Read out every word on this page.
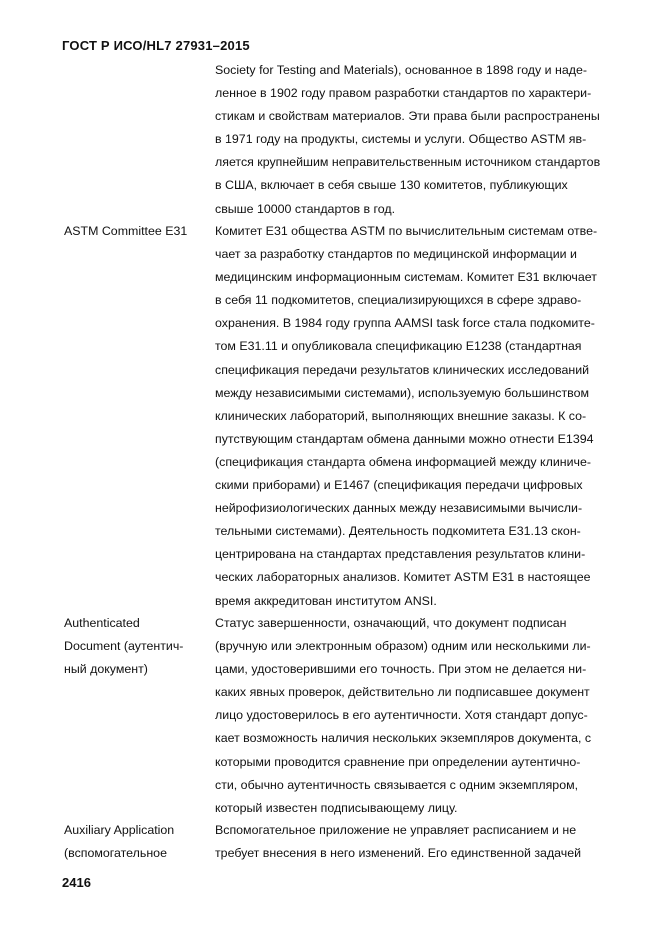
ГОСТ Р ИСО/HL7 27931–2015
Society for Testing and Materials), основанное в 1898 году и наде-
ленное в 1902 году правом разработки стандартов по характери-
стикам и свойствам материалов. Эти права были распространены
в 1971 году на продукты, системы и услуги. Общество ASTM яв-
ляется крупнейшим неправительственным источником стандартов
в США, включает в себя свыше 130 комитетов, публикующих
свыше 10000 стандартов в год.
ASTM Committee E31	Комитет E31 общества ASTM по вычислительным системам отве-
чает за разработку стандартов по медицинской информации и
медицинским информационным системам. Комитет E31 включает
в себя 11 подкомитетов, специализирующихся в сфере здраво-
охранения. В 1984 году группа AAMSI task force стала подкомите-
том E31.11 и опубликовала спецификацию E1238 (стандартная
спецификация передачи результатов клинических исследований
между независимыми системами), используемую большинством
клинических лабораторий, выполняющих внешние заказы. К со-
путствующим стандартам обмена данными можно отнести E1394
(спецификация стандарта обмена информацией между клиниче-
скими приборами) и E1467 (спецификация передачи цифровых
нейрофизиологических данных между независимыми вычисли-
тельными системами). Деятельность подкомитета E31.13 скон-
центрирована на стандартах представления результатов клини-
ческих лабораторных анализов. Комитет ASTM E31 в настоящее
время аккредитован институтом ANSI.
Authenticated
Document (аутентич-
ный документ)
Статус завершенности, означающий, что документ подписан
(вручную или электронным образом) одним или несколькими ли-
цами, удостоверившими его точность. При этом не делается ни-
каких явных проверок, действительно ли подписавшее документ
лицо удостоверилось в его аутентичности. Хотя стандарт допус-
кает возможность наличия нескольких экземпляров документа, с
которыми проводится сравнение при определении аутентично-
сти, обычно аутентичность связывается с одним экземпляром,
который известен подписывающему лицу.
Auxiliary Application
(вспомогательное
Вспомогательное приложение не управляет расписанием и не
требует внесения в него изменений. Его единственной задачей
2416
